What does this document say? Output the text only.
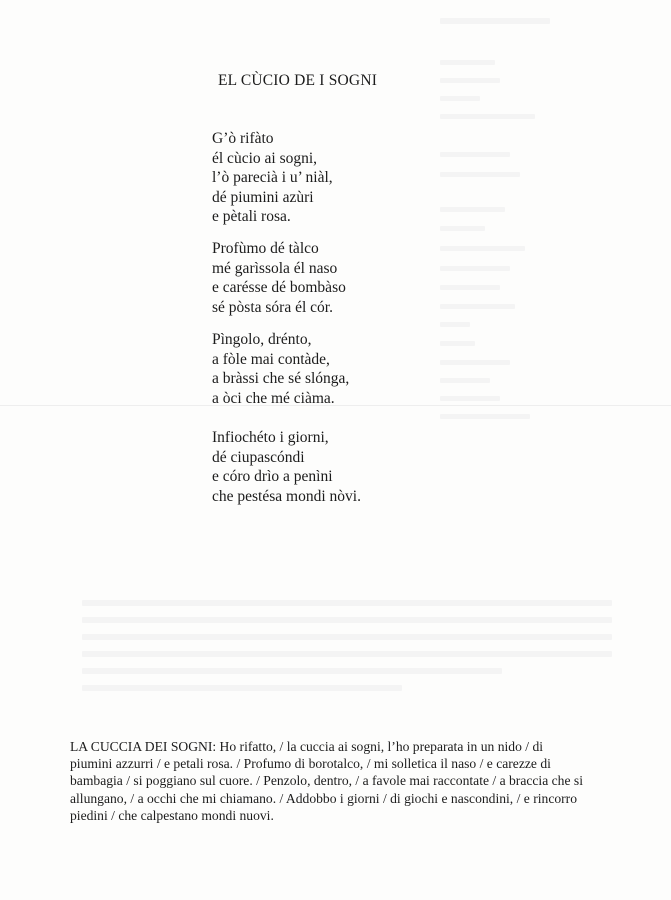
EL CÙCIO DE I SOGNI
G’ò rifàto
él cùcio ai sogni,
l’ò parecià i u’ niàl,
dé piumini azùri
e pètali rosa.
Profùmo dé tàlco
mé garìssola él naso
e carésse dé bombàso
sé pòsta sóra él cór.
Pìngolo, drénto,
a fòle mai contàde,
a bràssi che sé slónga,
a òci che mé ciàma.
Infiochéto i giorni,
dé ciupascóndi
e córo drìo a penìni
che pestésa mondi nòvi.
LA CUCCIA DEI SOGNI: Ho rifatto, / la cuccia ai sogni, l’ho preparata in un nido / di
piumini azzurri / e petali rosa. / Profumo di borotalco, / mi solletica il naso / e carezze di
bambagia / si poggiano sul cuore. / Penzolo, dentro, / a favole mai raccontate / a braccia che si
allungano, / a occhi che mi chiamano. / Addobbo i giorni / di giochi e nascondini, / e rincorro
piedini / che calpestano mondi nuovi.
